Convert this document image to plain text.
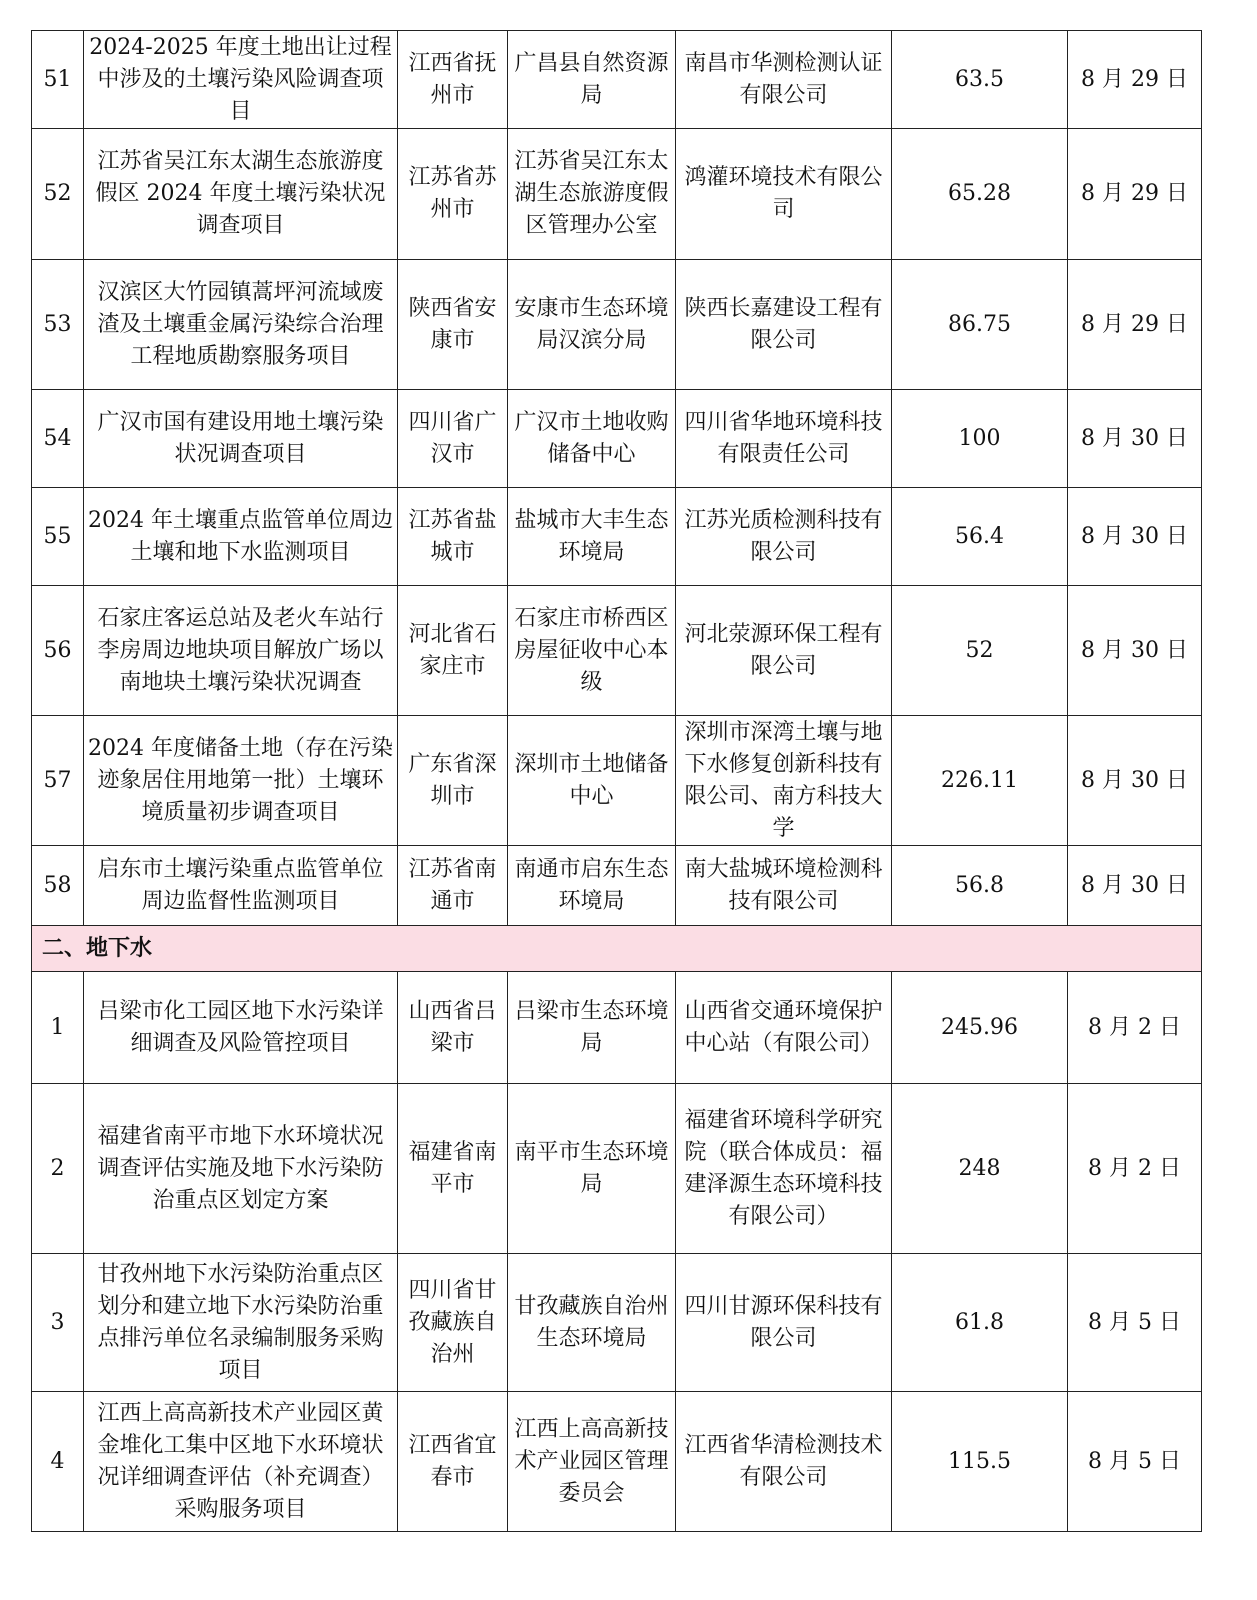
51	2024-2025 年度土地出让过程中涉及的土壤污染风险调查项目	江西省抚州市	广昌县自然资源局	南昌市华测检测认证有限公司	63.5	8 月 29 日
52	江苏省吴江东太湖生态旅游度假区 2024 年度土壤污染状况调查项目	江苏省苏州市	江苏省吴江东太湖生态旅游度假区管理办公室	鸿灌环境技术有限公司	65.28	8 月 29 日
53	汉滨区大竹园镇蒿坪河流域废渣及土壤重金属污染综合治理工程地质勘察服务项目	陕西省安康市	安康市生态环境局汉滨分局	陕西长嘉建设工程有限公司	86.75	8 月 29 日
54	广汉市国有建设用地土壤污染状况调查项目	四川省广汉市	广汉市土地收购储备中心	四川省华地环境科技有限责任公司	100	8 月 30 日
55	2024 年土壤重点监管单位周边土壤和地下水监测项目	江苏省盐城市	盐城市大丰生态环境局	江苏光质检测科技有限公司	56.4	8 月 30 日
56	石家庄客运总站及老火车站行李房周边地块项目解放广场以南地块土壤污染状况调查	河北省石家庄市	石家庄市桥西区房屋征收中心本级	河北荥源环保工程有限公司	52	8 月 30 日
57	2024 年度储备土地（存在污染迹象居住用地第一批）土壤环境质量初步调查项目	广东省深圳市	深圳市土地储备中心	深圳市深湾土壤与地下水修复创新科技有限公司、南方科技大学	226.11	8 月 30 日
58	启东市土壤污染重点监管单位周边监督性监测项目	江苏省南通市	南通市启东生态环境局	南大盐城环境检测科技有限公司	56.8	8 月 30 日
二、地下水						
1	吕梁市化工园区地下水污染详细调查及风险管控项目	山西省吕梁市	吕梁市生态环境局	山西省交通环境保护中心站（有限公司）	245.96	8 月 2 日
2	福建省南平市地下水环境状况调查评估实施及地下水污染防治重点区划定方案	福建省南平市	南平市生态环境局	福建省环境科学研究院（联合体成员：福建泽源生态环境科技有限公司）	248	8 月 2 日
3	甘孜州地下水污染防治重点区划分和建立地下水污染防治重点排污单位名录编制服务采购项目	四川省甘孜藏族自治州	甘孜藏族自治州生态环境局	四川甘源环保科技有限公司	61.8	8 月 5 日
4	江西上高高新技术产业园区黄金堆化工集中区地下水环境状况详细调查评估（补充调查）采购服务项目	江西省宜春市	江西上高高新技术产业园区管理委员会	江西省华清检测技术有限公司	115.5	8 月 5 日
